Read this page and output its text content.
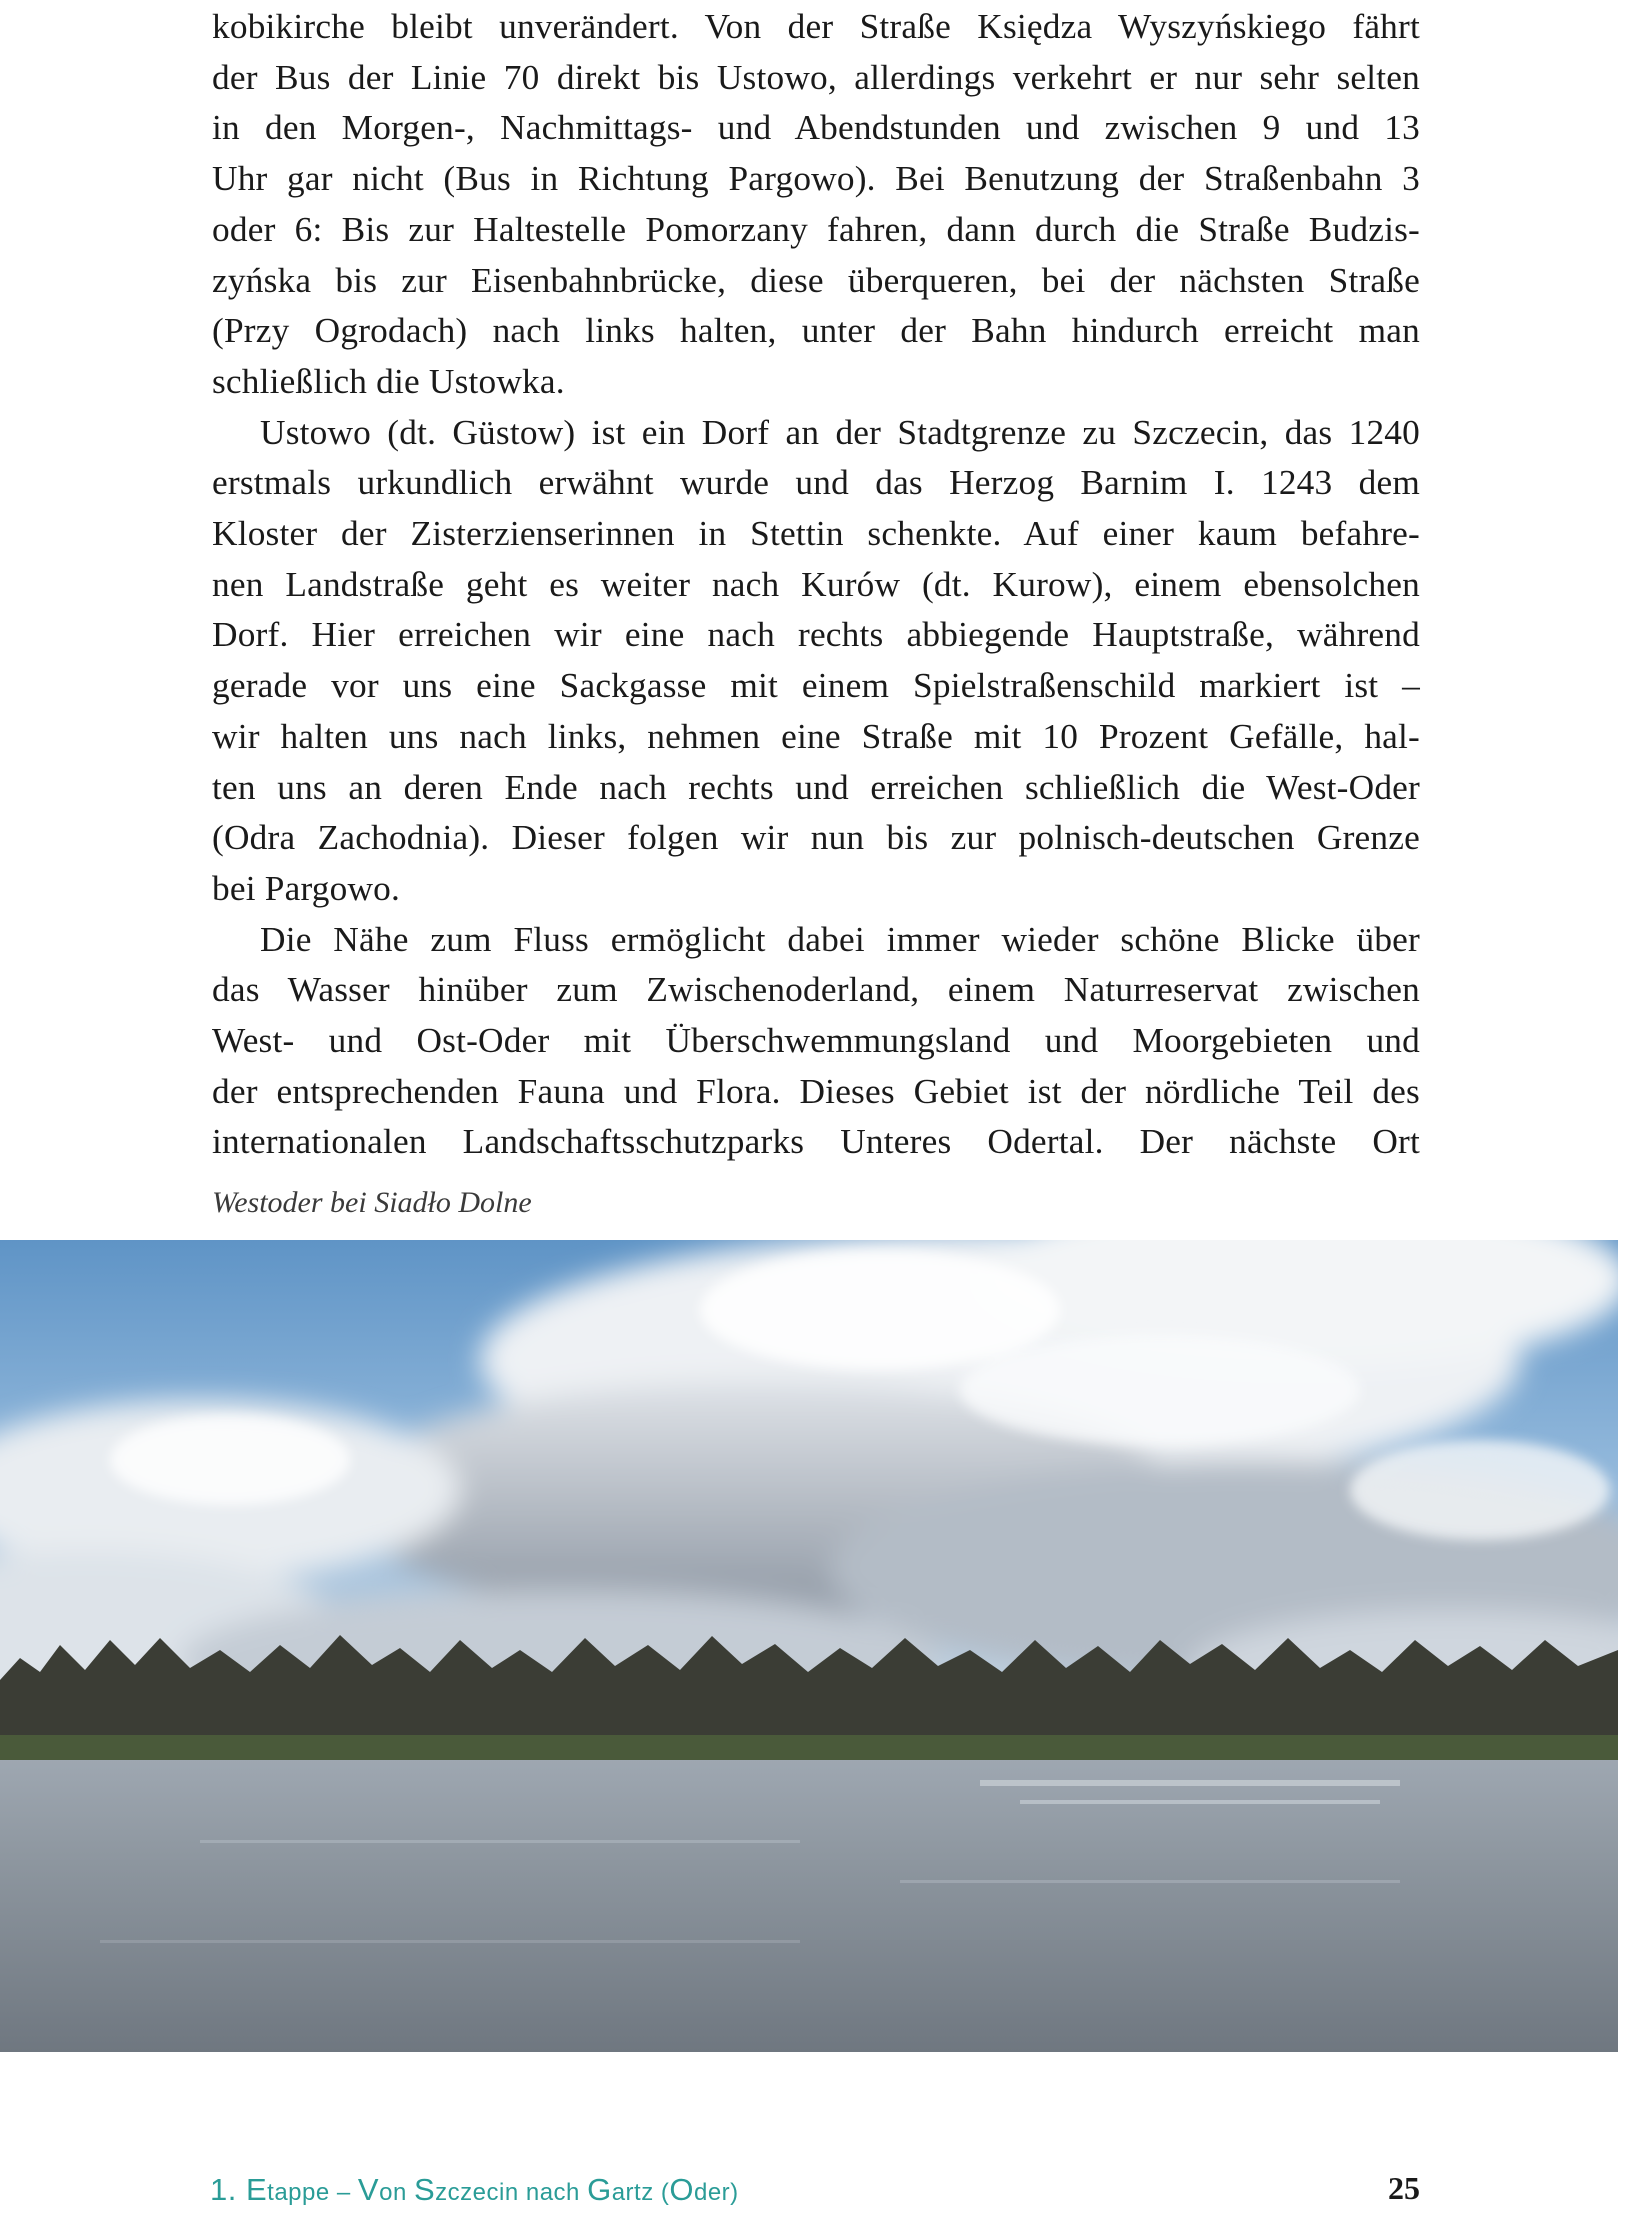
kobikirche bleibt unverändert. Von der Straße Księdza Wyszyńskiego fährt
der Bus der Linie 70 direkt bis Ustowo, allerdings verkehrt er nur sehr selten
in den Morgen-, Nachmittags- und Abendstunden und zwischen 9 und 13
Uhr gar nicht (Bus in Richtung Pargowo). Bei Benutzung der Straßenbahn 3
oder 6: Bis zur Haltestelle Pomorzany fahren, dann durch die Straße Budzis-
zyńska bis zur Eisenbahnbrücke, diese überqueren, bei der nächsten Straße
(Przy Ogrodach) nach links halten, unter der Bahn hindurch erreicht man
schließlich die Ustowka.
Ustowo (dt. Güstow) ist ein Dorf an der Stadtgrenze zu Szczecin, das 1240
erstmals urkundlich erwähnt wurde und das Herzog Barnim I. 1243 dem
Kloster der Zisterzienserinnen in Stettin schenkte. Auf einer kaum befahre-
nen Landstraße geht es weiter nach Kurów (dt. Kurow), einem ebensolchen
Dorf. Hier erreichen wir eine nach rechts abbiegende Hauptstraße, während
gerade vor uns eine Sackgasse mit einem Spielstraßenschild markiert ist –
wir halten uns nach links, nehmen eine Straße mit 10 Prozent Gefälle, hal-
ten uns an deren Ende nach rechts und erreichen schließlich die West-Oder
(Odra Zachodnia). Dieser folgen wir nun bis zur polnisch-deutschen Grenze
bei Pargowo.
Die Nähe zum Fluss ermöglicht dabei immer wieder schöne Blicke über
das Wasser hinüber zum Zwischenoderland, einem Naturreservat zwischen
West- und Ost-Oder mit Überschwemmungsland und Moorgebieten und
der entsprechenden Fauna und Flora. Dieses Gebiet ist der nördliche Teil des
internationalen Landschaftsschutzparks Unteres Odertal. Der nächste Ort
Westoder bei Siadło Dolne
1. Etappe – Von Szczecin nach Gartz (Oder)	25
